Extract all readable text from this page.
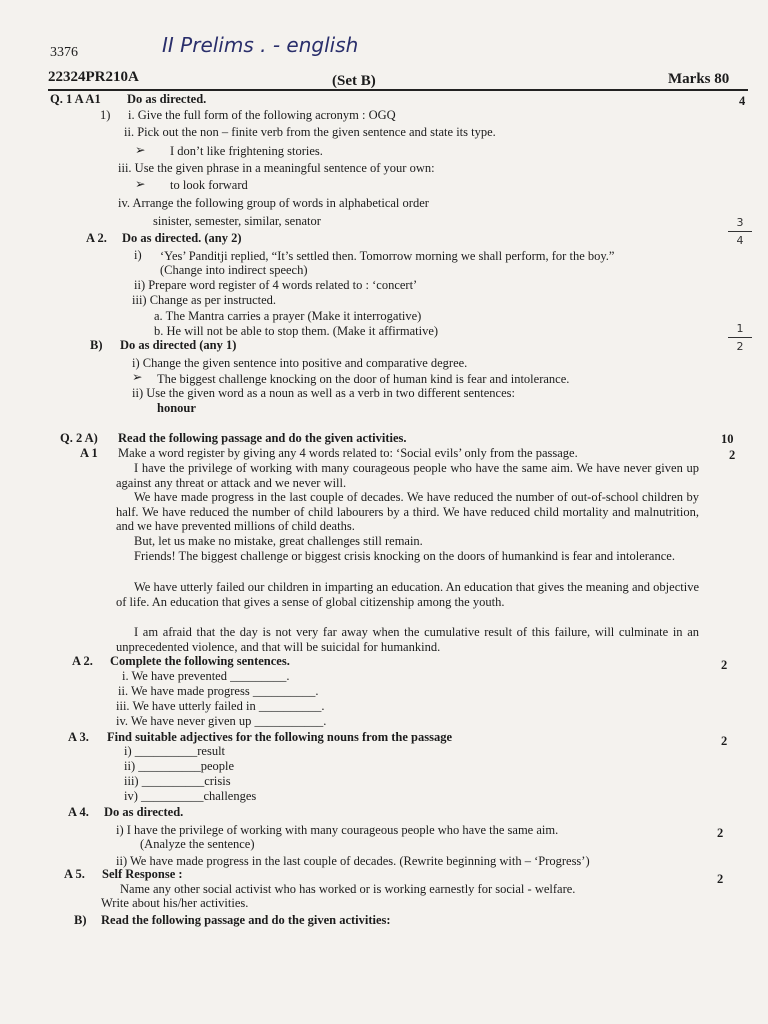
II Prelims . - english
3376
22324PR210A	(Set B)	Marks 80
Q. 1 A A1 Do as directed.	4
1) i. Give the full form of the following acronym : OGQ
ii. Pick out the non – finite verb from the given sentence and state its type.
➢ I don’t like frightening stories.
iii. Use the given phrase in a meaningful sentence of your own:
➢ to look forward
iv. Arrange the following group of words in alphabetical order
sinister, semester, similar, senator
A 2. Do as directed. (any 2)
3
4
i) ‘Yes’ Panditji replied, “It’s settled then. Tomorrow morning we shall perform, for the boy.”
(Change into indirect speech)
ii) Prepare word register of 4 words related to : ‘concert’
iii) Change as per instructed.
a. The Mantra carries a prayer (Make it interrogative)
b. He will not be able to stop them. (Make it affirmative)
B) Do as directed (any 1)
1
2
i) Change the given sentence into positive and comparative degree.
➢ The biggest challenge knocking on the door of human kind is fear and intolerance.
ii) Use the given word as a noun as well as a verb in two different sentences:
honour
Q. 2 A) Read the following passage and do the given activities.	10
A 1 Make a word register by giving any 4 words related to: ‘Social evils’ only from the passage.	2
I have the privilege of working with many courageous people who have the same aim. We have never given up against any threat or attack and we never will.
We have made progress in the last couple of decades. We have reduced the number of out-of-school children by half. We have reduced the number of child labourers by a third. We have reduced child mortality and malnutrition, and we have prevented millions of child deaths.
But, let us make no mistake, great challenges still remain.
Friends! The biggest challenge or biggest crisis knocking on the doors of humankind is fear and intolerance.
We have utterly failed our children in imparting an education. An education that gives the meaning and objective of life. An education that gives a sense of global citizenship among the youth.
I am afraid that the day is not very far away when the cumulative result of this failure, will culminate in an unprecedented violence, and that will be suicidal for humankind.
A 2. Complete the following sentences.	2
i. We have prevented _________.
ii. We have made progress __________.
iii. We have utterly failed in __________.
iv. We have never given up ___________.
A 3. Find suitable adjectives for the following nouns from the passage	2
i) __________result
ii) __________people
iii) __________crisis
iv) __________challenges
A 4. Do as directed.
i) I have the privilege of working with many courageous people who have the same aim.	2
(Analyze the sentence)
ii) We have made progress in the last couple of decades. (Rewrite beginning with – ‘Progress’)
A 5. Self Response :	2
Name any other social activist who has worked or is working earnestly for social - welfare.
Write about his/her activities.
B) Read the following passage and do the given activities:
